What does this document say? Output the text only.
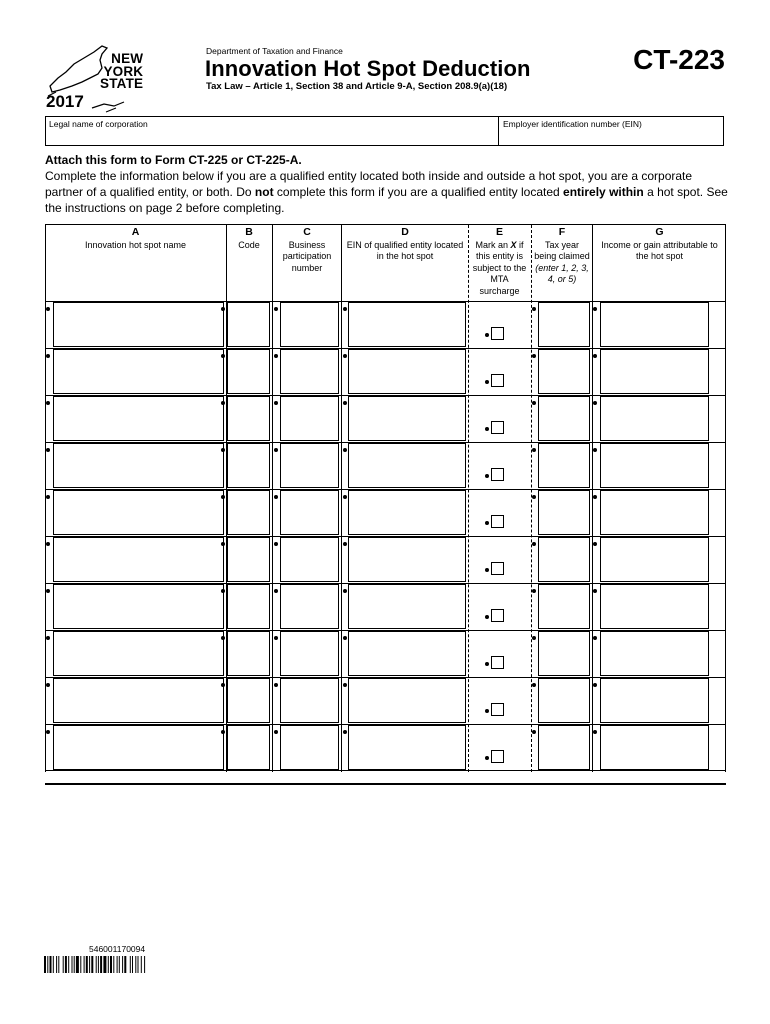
NEW
YORK
STATE
2017
Department of Taxation and Finance
Innovation Hot Spot Deduction
Tax Law – Article 1, Section 38 and Article 9-A, Section 208.9(a)(18)
CT-223
Legal name of corporation	Employer identification number (EIN)
Attach this form to Form CT-225 or CT-225-A.
Complete the information below if you are a qualified entity located both inside and outside a hot spot, you are a corporate partner of a qualified entity, or both. Do not complete this form if you are a qualified entity located entirely within a hot spot. See the instructions on page 2 before completing.
A
Innovation hot spot name
B
Code
C
Business participation number
D
EIN of qualified entity located in the hot spot
E
Mark an X if this entity is subject to the MTA surcharge
F
Tax year being claimed
(enter 1, 2, 3, 4, or 5)
G
Income or gain attributable to the hot spot
546001170094
